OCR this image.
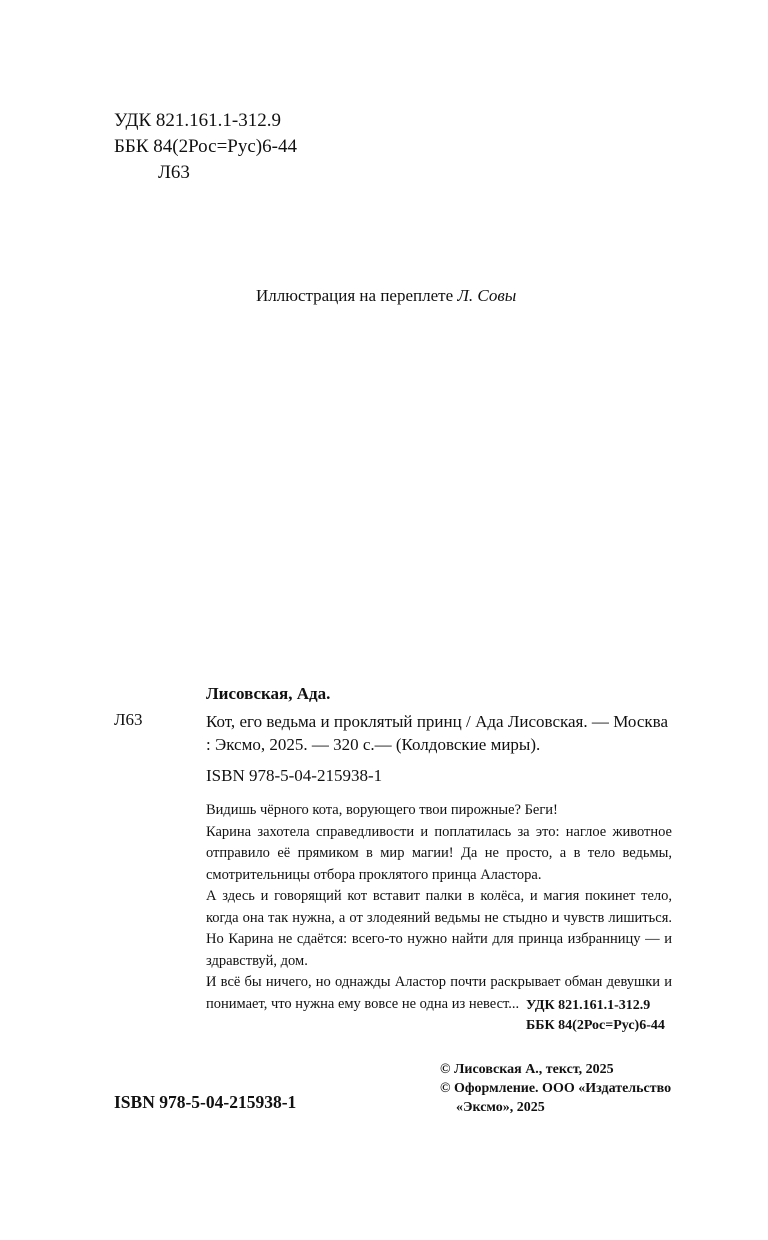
УДК 821.161.1-312.9
ББК 84(2Рос=Рус)6-44
Л63
Иллюстрация на переплете Л. Совы
Лисовская, Ада.
Л63	Кот, его ведьма и проклятый принц / Ада Лисовская. — Москва : Эксмо, 2025. — 320 с.— (Колдовские миры).
ISBN 978-5-04-215938-1

Видишь чёрного кота, ворующего твои пирожные? Беги!

Карина захотела справедливости и поплатилась за это: наглое животное отправило её прямиком в мир магии! Да не просто, а в тело ведьмы, смотрительницы отбора проклятого принца Аластора.

А здесь и говорящий кот вставит палки в колёса, и магия покинет тело, когда она так нужна, а от злодеяний ведьмы не стыдно и чувств лишиться. Но Карина не сдаётся: всего-то нужно найти для принца избранницу — и здравствуй, дом.

И всё бы ничего, но однажды Аластор почти раскрывает обман девушки и понимает, что нужна ему вовсе не одна из невест... УДК 821.161.1-312.9
ББК 84(2Рос=Рус)6-44
© Лисовская А., текст, 2025
© Оформление. ООО «Издательство
«Эксмо», 2025
ISBN 978-5-04-215938-1
